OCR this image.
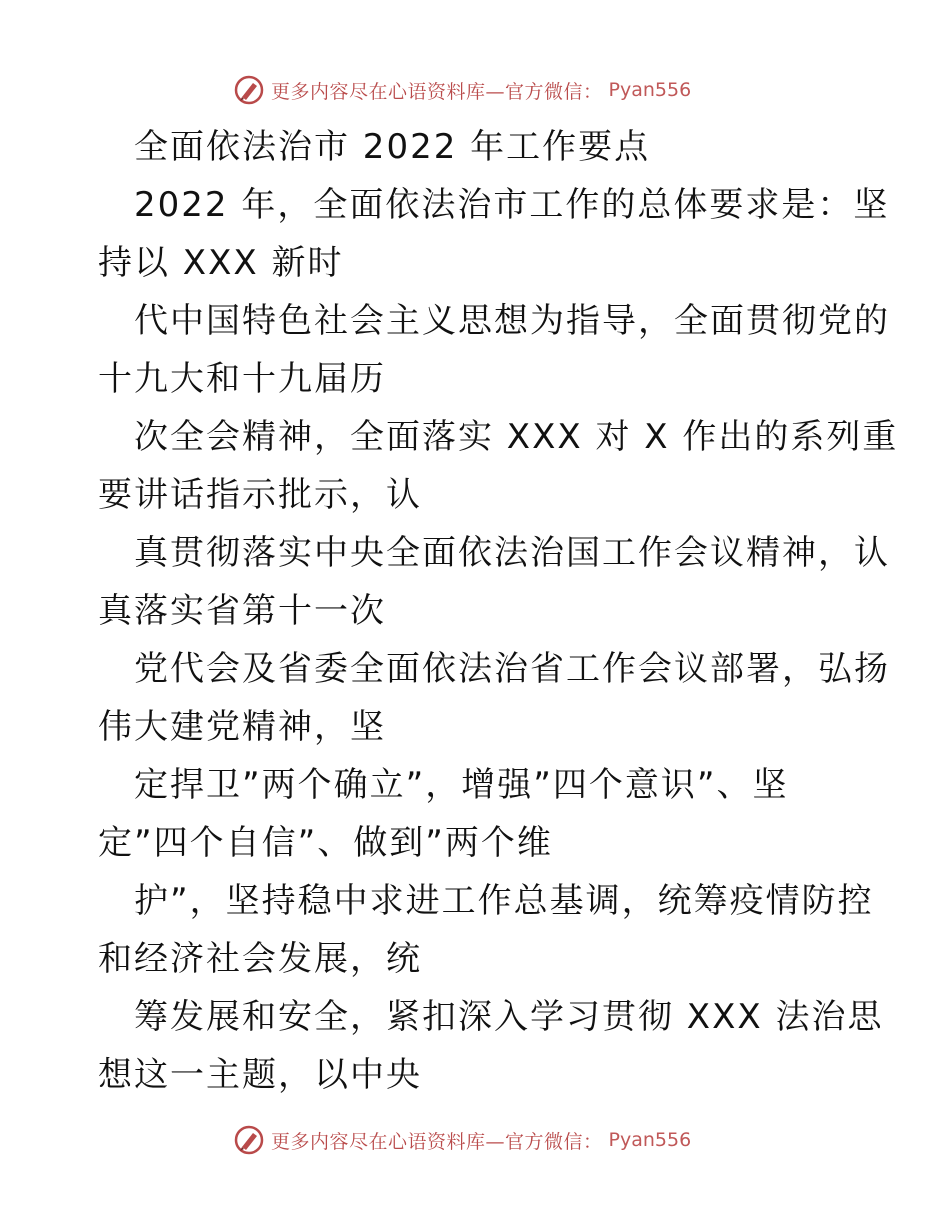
更多内容尽在心语资料库—官方微信： Pyan556
全面依法治市 2022 年工作要点
2022 年，全面依法治市工作的总体要求是：坚
持以 XXX 新时
代中国特色社会主义思想为指导，全面贯彻党的
十九大和十九届历
次全会精神，全面落实 XXX 对 X 作出的系列重
要讲话指示批示，认
真贯彻落实中央全面依法治国工作会议精神，认
真落实省第十一次
党代会及省委全面依法治省工作会议部署，弘扬
伟大建党精神，坚
定捍卫”两个确立”，增强”四个意识”、坚
定”四个自信”、做到”两个维
护”，坚持稳中求进工作总基调，统筹疫情防控
和经济社会发展，统
筹发展和安全，紧扣深入学习贯彻 XXX 法治思
想这一主题，以中央
更多内容尽在心语资料库—官方微信： Pyan556
